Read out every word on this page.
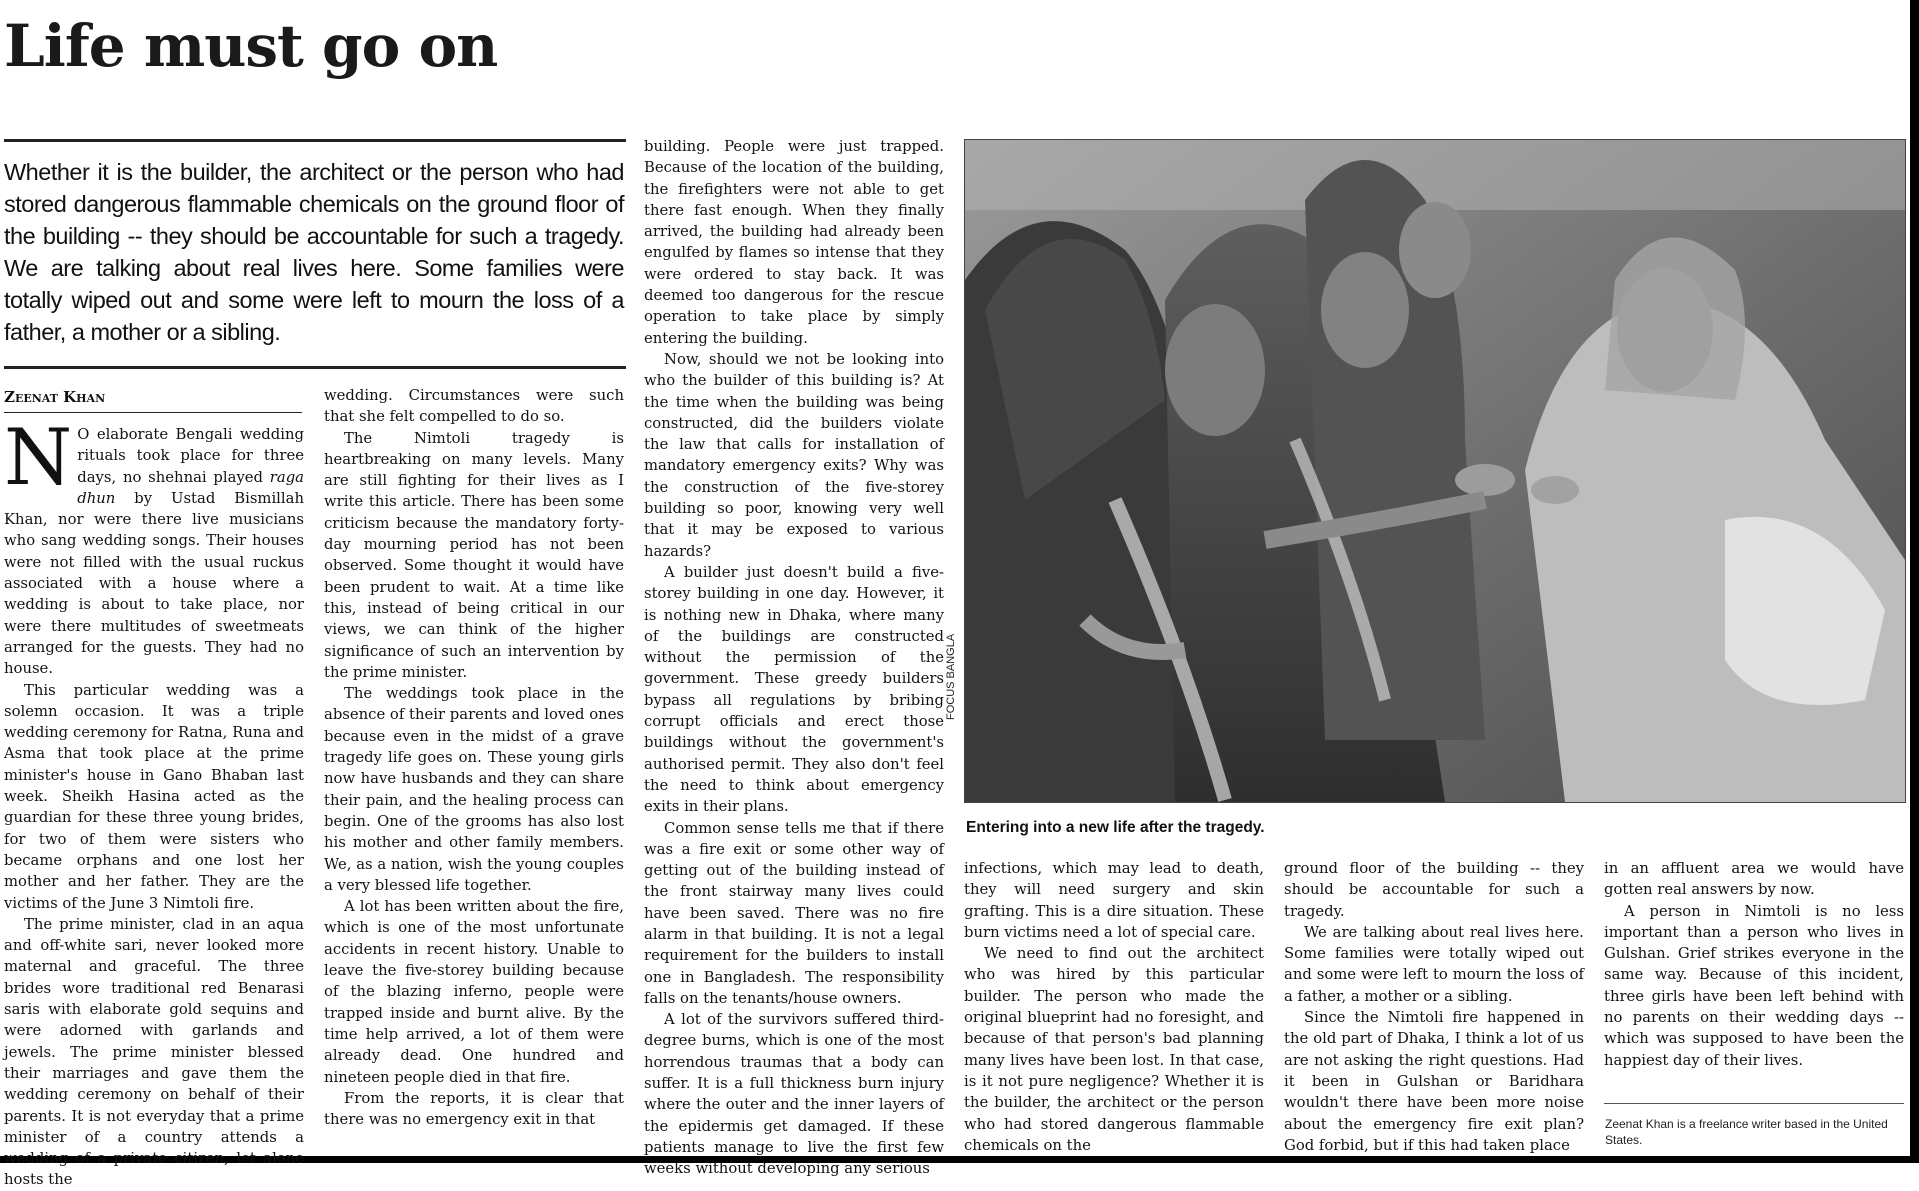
Life must go on

Whether it is the builder, the architect or the person who had stored dangerous flammable chemicals on the ground floor of the building -- they should be accountable for such a tragedy. We are talking about real lives here. Some families were totally wiped out and some were left to mourn the loss of a father, a mother or a sibling.

Zeenat Khan

N O elaborate Bengali wedding rituals took place for three days, no shehnai played raga dhun by Ustad Bismillah Khan, nor were there live musicians who sang wedding songs. Their houses were not filled with the usual ruckus associated with a house where a wedding is about to take place, nor were there multitudes of sweetmeats arranged for the guests. They had no house.

This particular wedding was a solemn occasion. It was a triple wedding ceremony for Ratna, Runa and Asma that took place at the prime minister's house in Gano Bhaban last week. Sheikh Hasina acted as the guardian for these three young brides, for two of them were sisters who became orphans and one lost her mother and her father. They are the victims of the June 3 Nimtoli fire.

The prime minister, clad in an aqua and off-white sari, never looked more maternal and graceful. The three brides wore traditional red Benarasi saris with elaborate gold sequins and were adorned with garlands and jewels. The prime minister blessed their marriages and gave them the wedding ceremony on behalf of their parents. It is not everyday that a prime minister of a country attends a wedding of a private citizen, let alone hosts the

wedding. Circumstances were such that she felt compelled to do so.

The Nimtoli tragedy is heartbreaking on many levels. Many are still fighting for their lives as I write this article. There has been some criticism because the mandatory forty-day mourning period has not been observed. Some thought it would have been prudent to wait. At a time like this, instead of being critical in our views, we can think of the higher significance of such an intervention by the prime minister.

The weddings took place in the absence of their parents and loved ones because even in the midst of a grave tragedy life goes on. These young girls now have husbands and they can share their pain, and the healing process can begin. One of the grooms has also lost his mother and other family members. We, as a nation, wish the young couples a very blessed life together.

A lot has been written about the fire, which is one of the most unfortunate accidents in recent history. Unable to leave the five-storey building because of the blazing inferno, people were trapped inside and burnt alive. By the time help arrived, a lot of them were already dead. One hundred and nineteen people died in that fire.

From the reports, it is clear that there was no emergency exit in that

building. People were just trapped. Because of the location of the building, the firefighters were not able to get there fast enough. When they finally arrived, the building had already been engulfed by flames so intense that they were ordered to stay back. It was deemed too dangerous for the rescue operation to take place by simply entering the building.

Now, should we not be looking into who the builder of this building is? At the time when the building was being constructed, did the builders violate the law that calls for installation of mandatory emergency exits? Why was the construction of the five-storey building so poor, knowing very well that it may be exposed to various hazards?

A builder just doesn't build a five-storey building in one day. However, it is nothing new in Dhaka, where many of the buildings are constructed without the permission of the government. These greedy builders bypass all regulations by bribing corrupt officials and erect those buildings without the government's authorised permit. They also don't feel the need to think about emergency exits in their plans.

Common sense tells me that if there was a fire exit or some other way of getting out of the building instead of the front stairway many lives could have been saved. There was no fire alarm in that building. It is not a legal requirement for the builders to install one in Bangladesh. The responsibility falls on the tenants/house owners.

A lot of the survivors suffered third-degree burns, which is one of the most horrendous traumas that a body can suffer. It is a full thickness burn injury where the outer and the inner layers of the epidermis get damaged. If these patients manage to live the first few weeks without developing any serious

FOCUS BANGLA

Entering into a new life after the tragedy.

infections, which may lead to death, they will need surgery and skin grafting. This is a dire situation. These burn victims need a lot of special care.

We need to find out the architect who was hired by this particular builder. The person who made the original blueprint had no foresight, and because of that person's bad planning many lives have been lost. In that case, is it not pure negligence? Whether it is the builder, the architect or the person who had stored dangerous flammable chemicals on the

ground floor of the building -- they should be accountable for such a tragedy.

We are talking about real lives here. Some families were totally wiped out and some were left to mourn the loss of a father, a mother or a sibling.

Since the Nimtoli fire happened in the old part of Dhaka, I think a lot of us are not asking the right questions. Had it been in Gulshan or Baridhara wouldn't there have been more noise about the emergency fire exit plan? God forbid, but if this had taken place

in an affluent area we would have gotten real answers by now.

A person in Nimtoli is no less important than a person who lives in Gulshan. Grief strikes everyone in the same way. Because of this incident, three girls have been left behind with no parents on their wedding days -- which was supposed to have been the happiest day of their lives.

Zeenat Khan is a freelance writer based in the United States.
